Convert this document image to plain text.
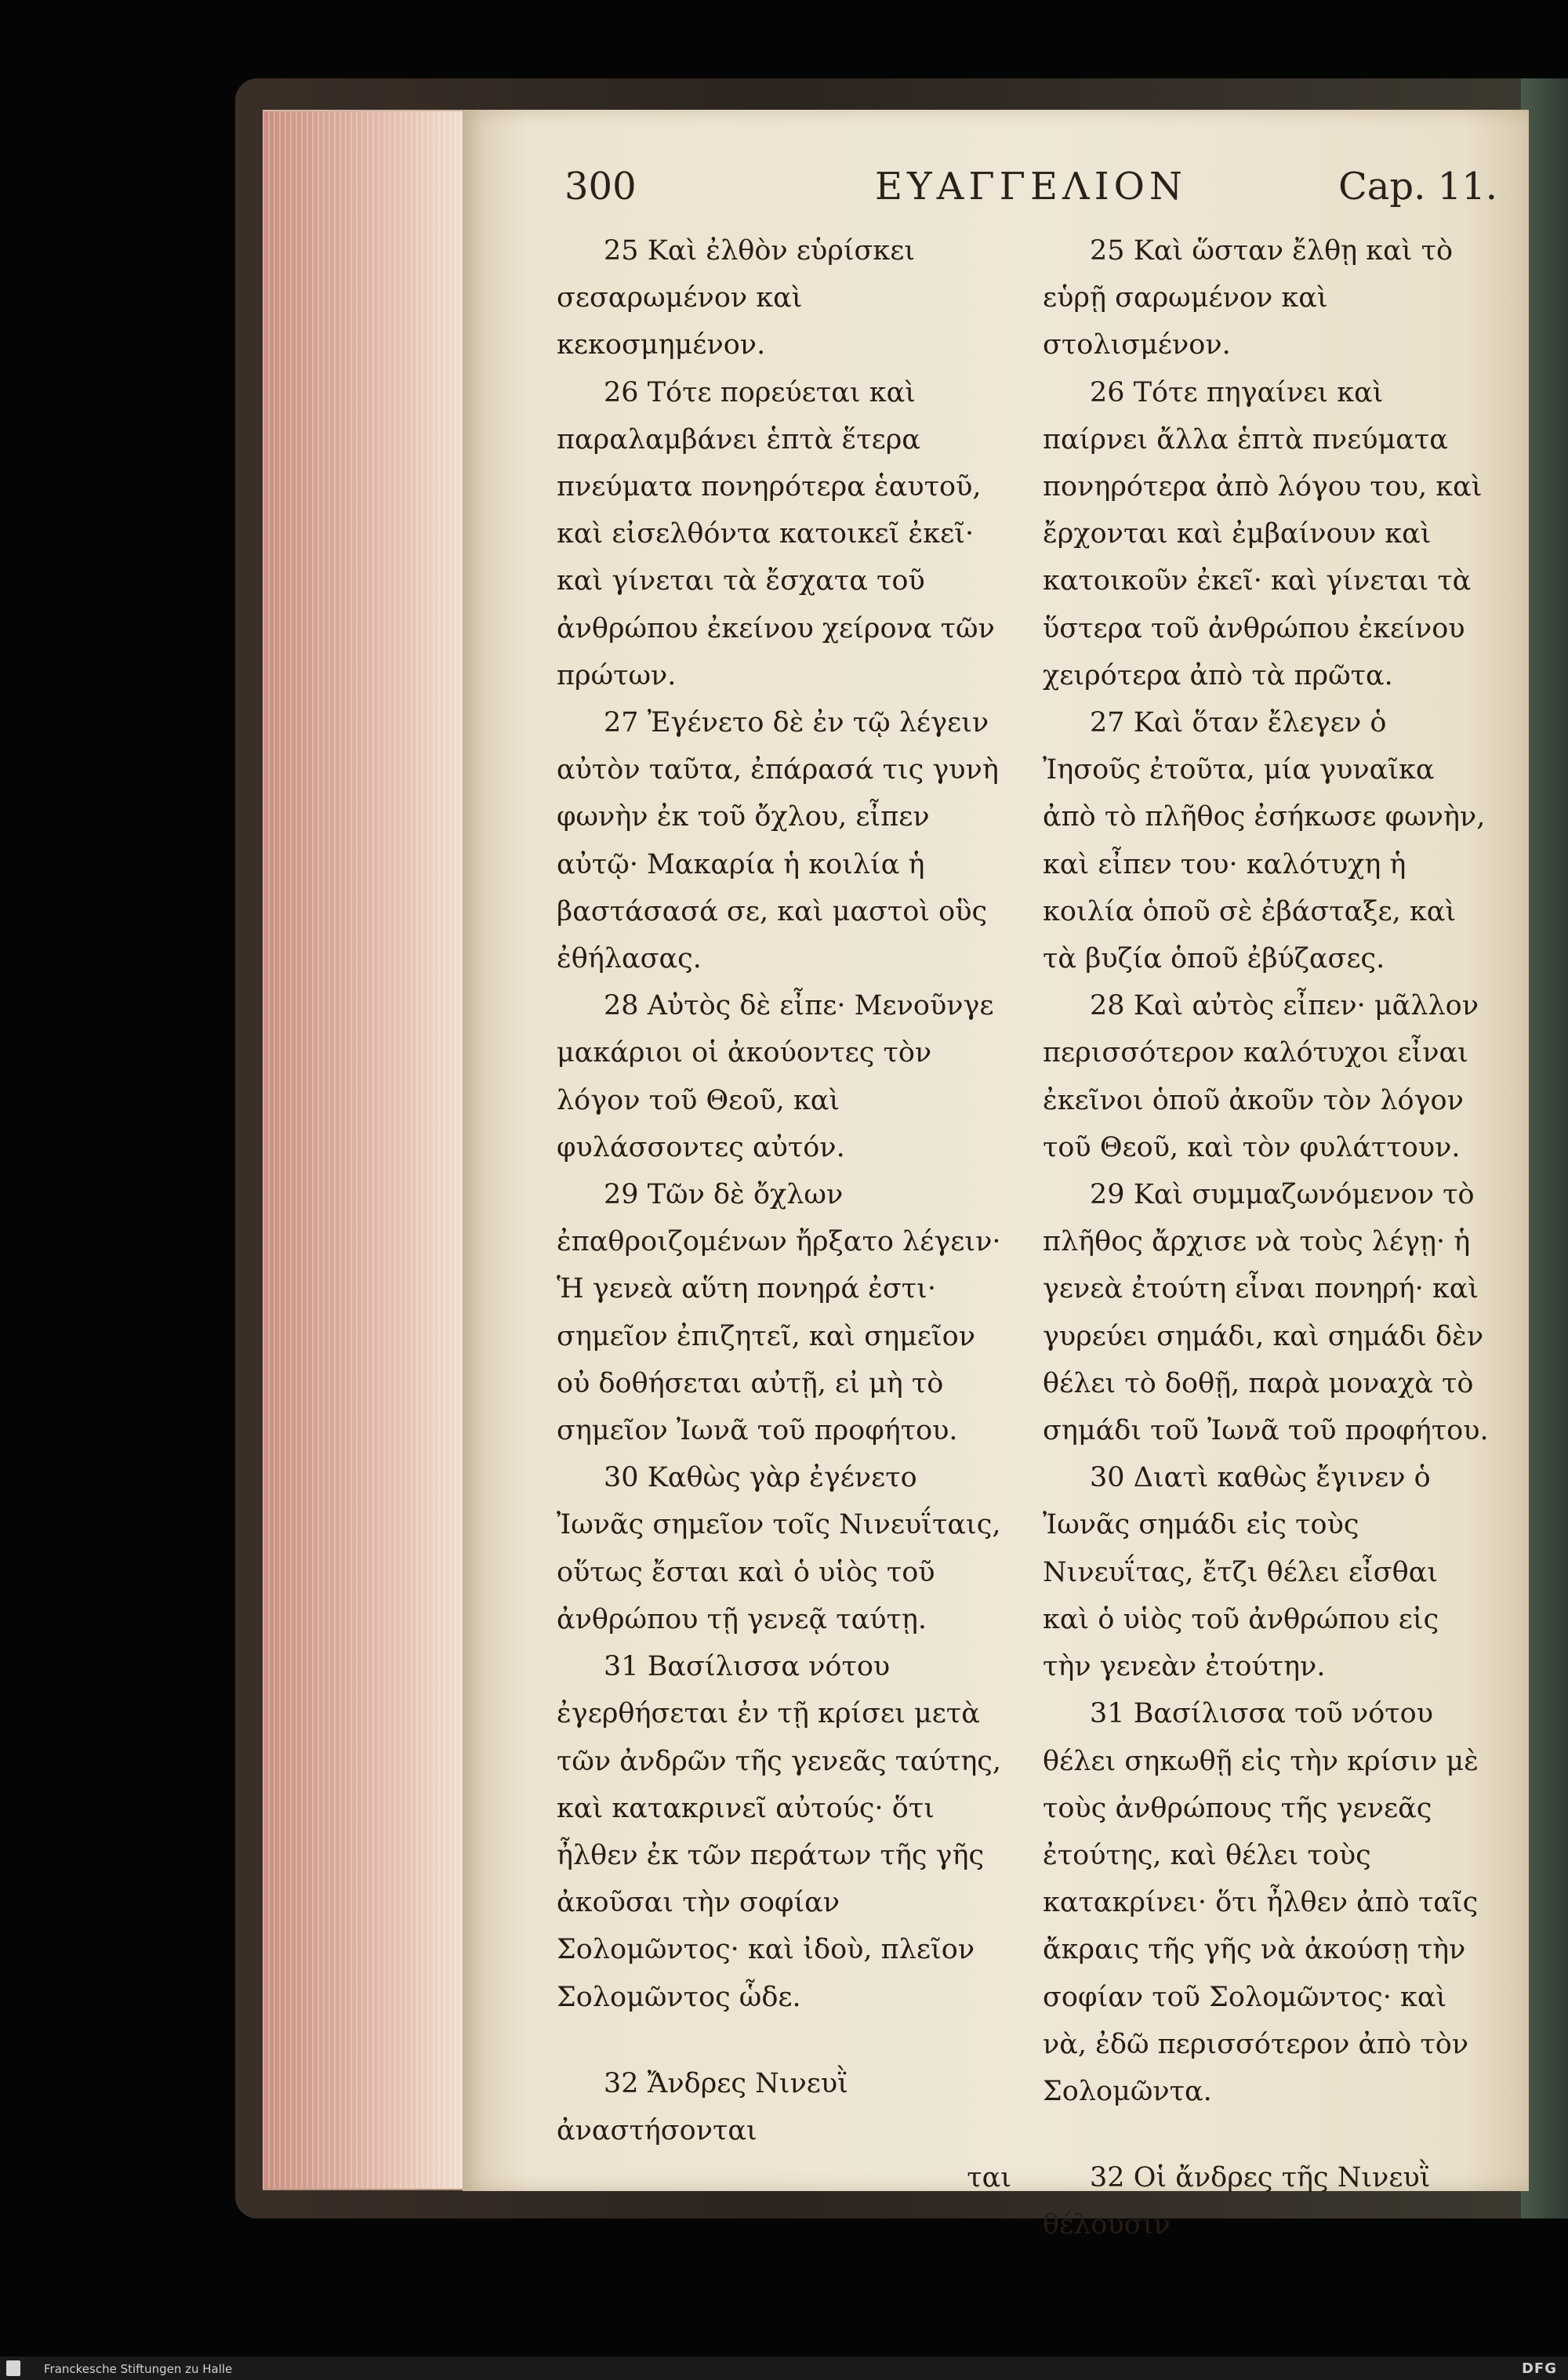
300	ΕΥΑΓΓΕΛΙΟΝ	Cap. 11.

25 Καὶ ἐλθὸν εὑρίσκει σεσαρωμένον καὶ κεκοσμημένον.

26 Τότε πορεύεται καὶ παραλαμβάνει ἑπτὰ ἕτερα πνεύματα πονηρότερα ἑαυτοῦ, καὶ εἰσελθόντα κατοικεῖ ἐκεῖ· καὶ γίνεται τὰ ἔσχατα τοῦ ἀνθρώπου ἐκείνου χείρονα τῶν πρώτων.

27 Ἐγένετο δὲ ἐν τῷ λέγειν αὐτὸν ταῦτα, ἐπάρασά τις γυνὴ φωνὴν ἐκ τοῦ ὄχλου, εἶπεν αὐτῷ· Μακαρία ἡ κοιλία ἡ βαστάσασά σε, καὶ μαστοὶ οὓς ἐθήλασας.

28 Αὐτὸς δὲ εἶπε· Μενοῦνγε μακάριοι οἱ ἀκούοντες τὸν λόγον τοῦ Θεοῦ, καὶ φυλάσσοντες αὐτόν.

29 Τῶν δὲ ὄχλων ἐπαθροιζομένων ἤρξατο λέγειν· Ἡ γενεὰ αὕτη πονηρά ἐστι· σημεῖον ἐπιζητεῖ, καὶ σημεῖον οὐ δοθήσεται αὐτῇ, εἰ μὴ τὸ σημεῖον Ἰωνᾶ τοῦ προφήτου.

30 Καθὼς γὰρ ἐγένετο Ἰωνᾶς σημεῖον τοῖς Νινευΐταις, οὕτως ἔσται καὶ ὁ υἱὸς τοῦ ἀνθρώπου τῇ γενεᾷ ταύτῃ.

31 Βασίλισσα νότου ἐγερθήσεται ἐν τῇ κρίσει μετὰ τῶν ἀνδρῶν τῆς γενεᾶς ταύτης, καὶ κατακρινεῖ αὐτούς· ὅτι ἦλθεν ἐκ τῶν περάτων τῆς γῆς ἀκοῦσαι τὴν σοφίαν Σολομῶντος· καὶ ἰδοὺ, πλεῖον Σολομῶντος ὧδε.

32 Ἄνδρες Νινευῒ ἀναστήσονται

ται

25 Καὶ ὥσταν ἔλθῃ καὶ τὸ εὑρῇ σαρωμένον καὶ στολισμένον.

26 Τότε πηγαίνει καὶ παίρνει ἄλλα ἑπτὰ πνεύματα πονηρότερα ἀπὸ λόγου του, καὶ ἔρχονται καὶ ἐμβαίνουν καὶ κατοικοῦν ἐκεῖ· καὶ γίνεται τὰ ὕστερα τοῦ ἀνθρώπου ἐκείνου χειρότερα ἀπὸ τὰ πρῶτα.

27 Καὶ ὅταν ἔλεγεν ὁ Ἰησοῦς ἐτοῦτα, μία γυναῖκα ἀπὸ τὸ πλῆθος ἐσήκωσε φωνὴν, καὶ εἶπεν του· καλότυχη ἡ κοιλία ὁποῦ σὲ ἐβάσταξε, καὶ τὰ βυζία ὁποῦ ἐβύζασες.

28 Καὶ αὐτὸς εἶπεν· μᾶλλον περισσότερον καλότυχοι εἶναι ἐκεῖνοι ὁποῦ ἀκοῦν τὸν λόγον τοῦ Θεοῦ, καὶ τὸν φυλάττουν.

29 Καὶ συμμαζωνόμενον τὸ πλῆθος ἄρχισε νὰ τοὺς λέγῃ· ἡ γενεὰ ἐτούτη εἶναι πονηρή· καὶ γυρεύει σημάδι, καὶ σημάδι δὲν θέλει τὸ δοθῇ, παρὰ μοναχὰ τὸ σημάδι τοῦ Ἰωνᾶ τοῦ προφήτου.

30 Διατὶ καθὼς ἔγινεν ὁ Ἰωνᾶς σημάδι εἰς τοὺς Νινευΐτας, ἔτζι θέλει εἶσθαι καὶ ὁ υἱὸς τοῦ ἀνθρώπου εἰς τὴν γενεὰν ἐτούτην.

31 Βασίλισσα τοῦ νότου θέλει σηκωθῇ εἰς τὴν κρίσιν μὲ τοὺς ἀνθρώπους τῆς γενεᾶς ἐτούτης, καὶ θέλει τοὺς κατακρίνει· ὅτι ἦλθεν ἀπὸ ταῖς ἄκραις τῆς γῆς νὰ ἀκούσῃ τὴν σοφίαν τοῦ Σολομῶντος· καὶ νὰ, ἐδῶ περισσότερον ἀπὸ τὸν Σολομῶντα.

32 Οἱ ἄνδρες τῆς Νινευῒ θέλουσιν

Franckesche Stiftungen zu Halle	DFG
